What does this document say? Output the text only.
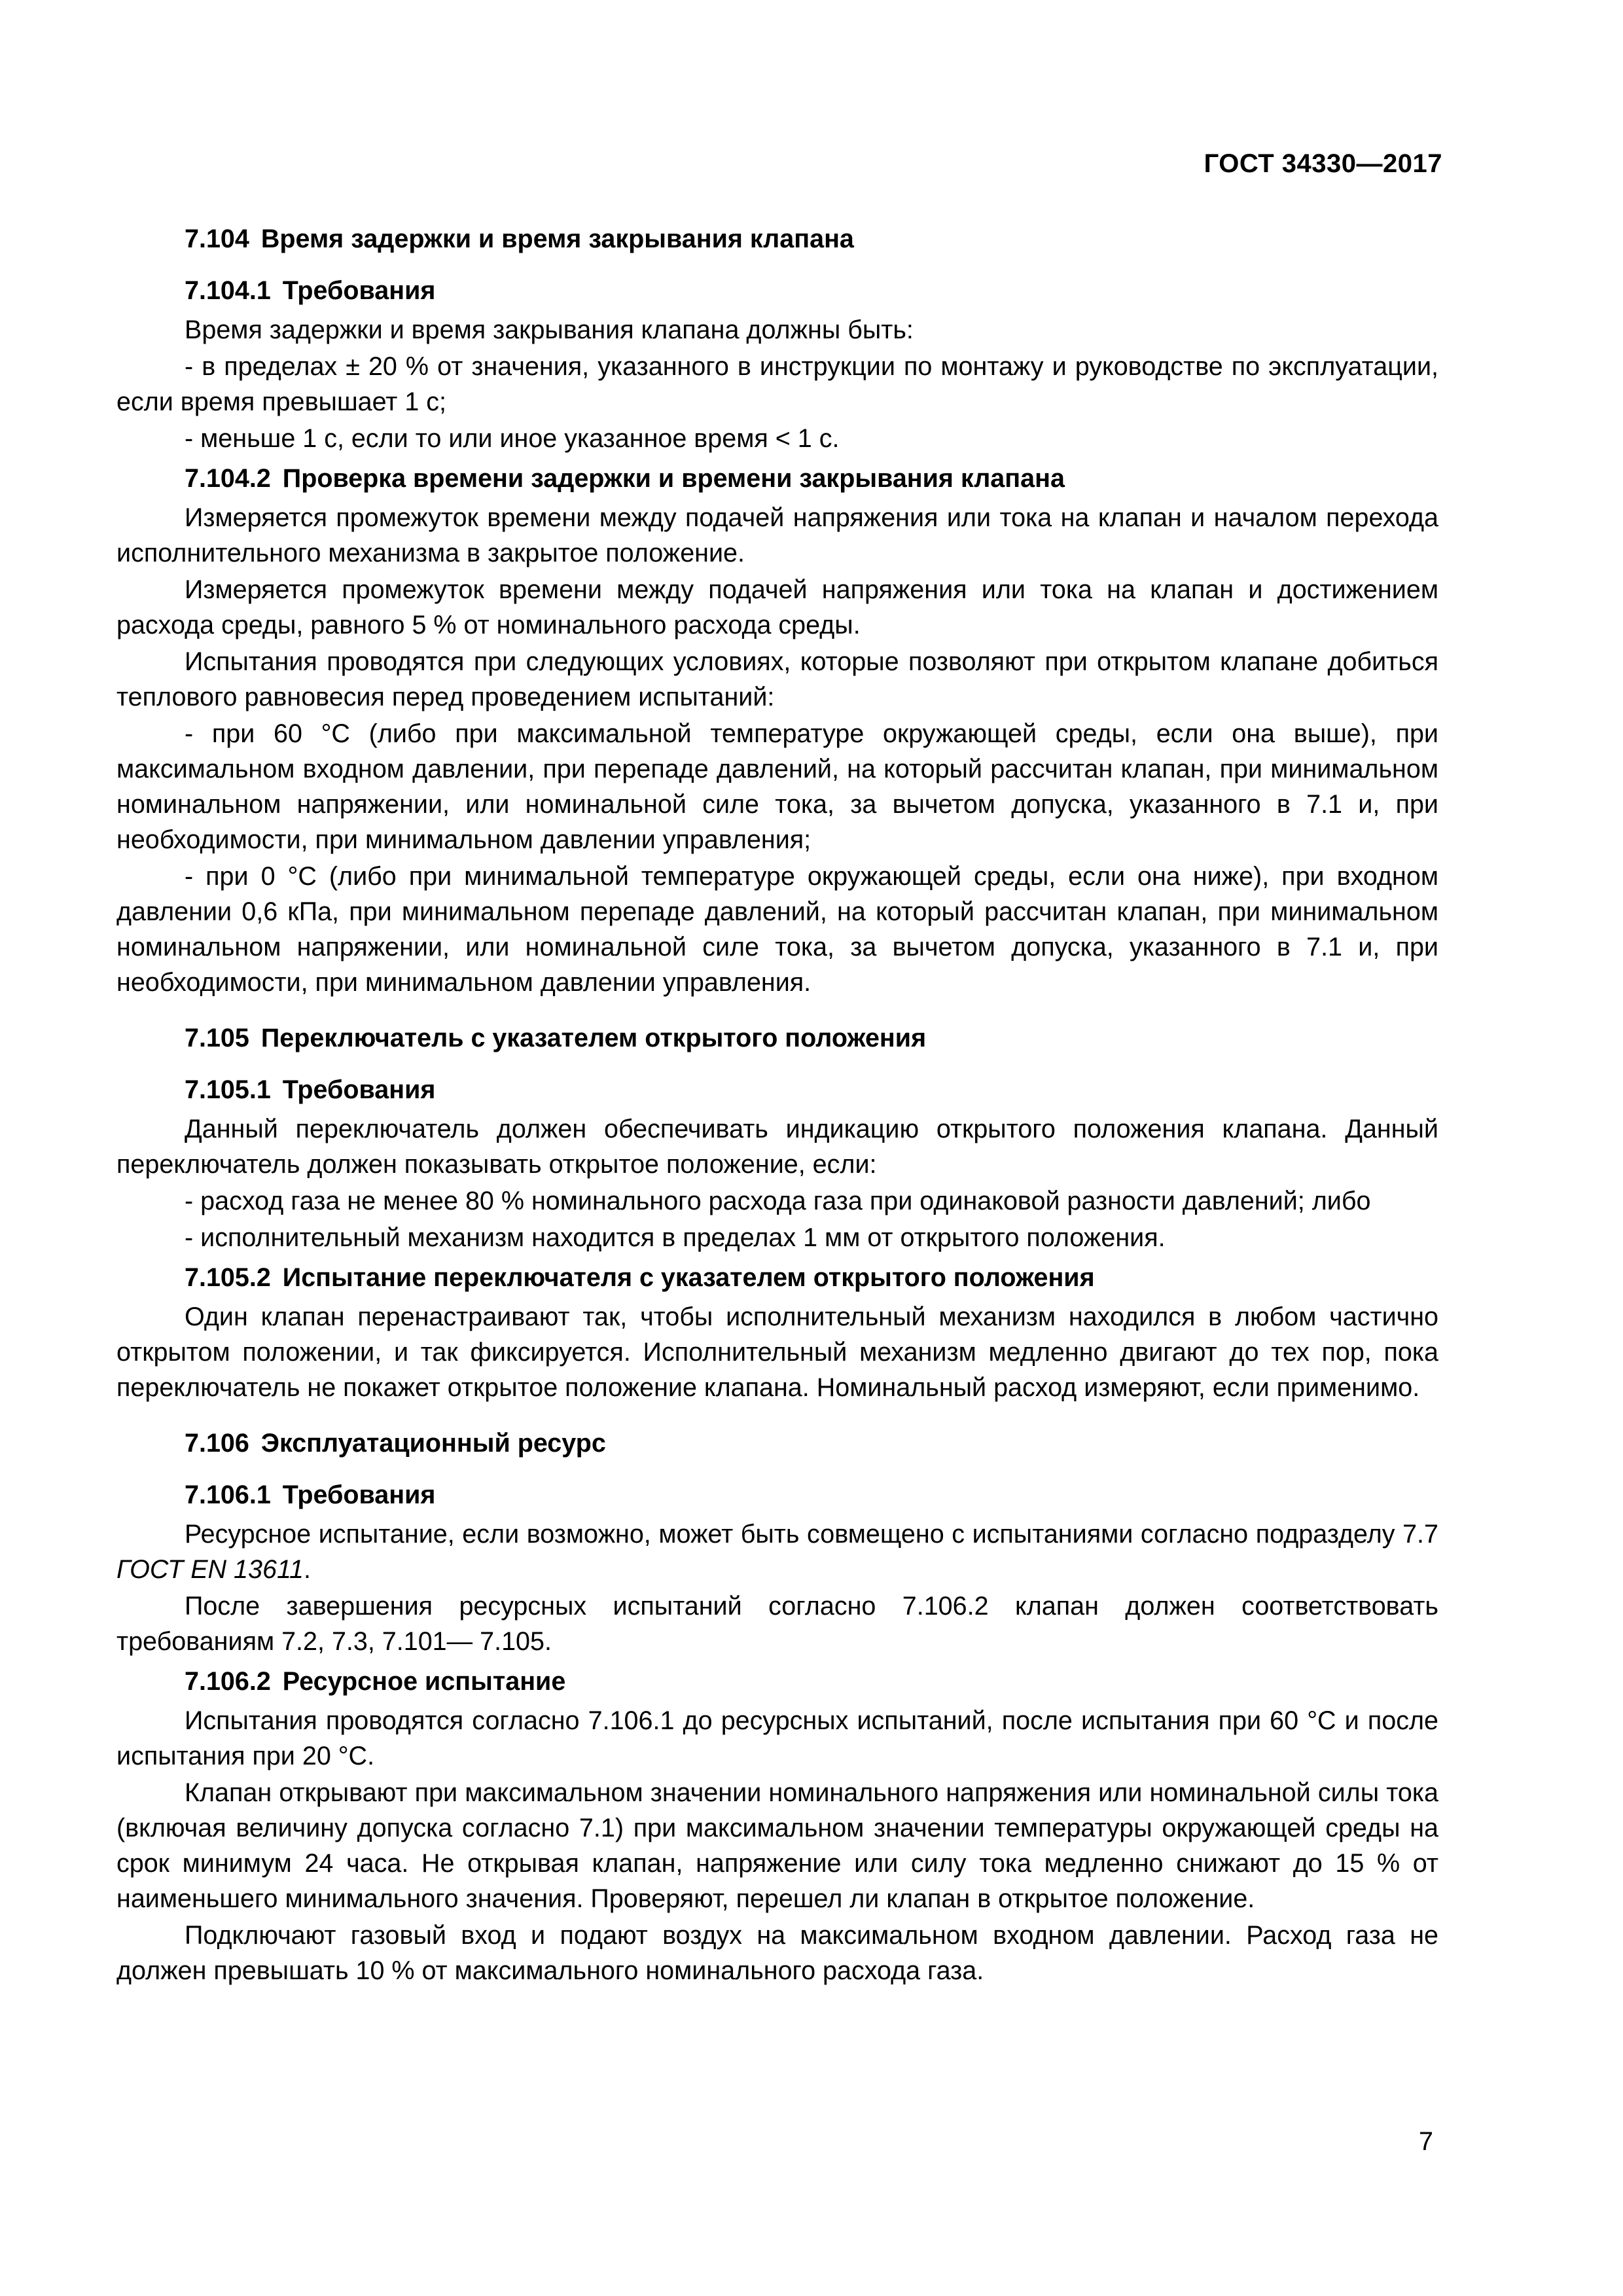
ГОСТ 34330—2017
7.104 Время задержки и время закрывания клапана
7.104.1 Требования

Время задержки и время закрывания клапана должны быть:

- в пределах ± 20 % от значения, указанного в инструкции по монтажу и руководстве по эксплуатации, если время превышает 1 с;

- меньше 1 с, если то или иное указанное время < 1 с.

7.104.2 Проверка времени задержки и времени закрывания клапана

Измеряется промежуток времени между подачей напряжения или тока на клапан и началом перехода исполнительного механизма в закрытое положение.

Измеряется промежуток времени между подачей напряжения или тока на клапан и достижением расхода среды, равного 5 % от номинального расхода среды.

Испытания проводятся при следующих условиях, которые позволяют при открытом клапане добиться теплового равновесия перед проведением испытаний:

- при 60 °С (либо при максимальной температуре окружающей среды, если она выше), при максимальном входном давлении, при перепаде давлений, на который рассчитан клапан, при минимальном номинальном напряжении, или номинальной силе тока, за вычетом допуска, указанного в 7.1 и, при необходимости, при минимальном давлении управления;

- при 0 °С (либо при минимальной температуре окружающей среды, если она ниже), при входном давлении 0,6 кПа, при минимальном перепаде давлений, на который рассчитан клапан, при минимальном номинальном напряжении, или номинальной силе тока, за вычетом допуска, указанного в 7.1 и, при необходимости, при минимальном давлении управления.

7.105 Переключатель с указателем открытого положения
7.105.1 Требования

Данный переключатель должен обеспечивать индикацию открытого положения клапана. Данный переключатель должен показывать открытое положение, если:

- расход газа не менее 80 % номинального расхода газа при одинаковой разности давлений; либо

- исполнительный механизм находится в пределах 1 мм от открытого положения.

7.105.2 Испытание переключателя с указателем открытого положения

Один клапан перенастраивают так, чтобы исполнительный механизм находился в любом частично открытом положении, и так фиксируется. Исполнительный механизм медленно двигают до тех пор, пока переключатель не покажет открытое положение клапана. Номинальный расход измеряют, если применимо.

7.106 Эксплуатационный ресурс
7.106.1 Требования

Ресурсное испытание, если возможно, может быть совмещено с испытаниями согласно подразделу 7.7 ГОСТ EN 13611.

После завершения ресурсных испытаний согласно 7.106.2 клапан должен соответствовать требованиям 7.2, 7.3, 7.101— 7.105.

7.106.2 Ресурсное испытание

Испытания проводятся согласно 7.106.1 до ресурсных испытаний, после испытания при 60 °С и после испытания при 20 °С.

Клапан открывают при максимальном значении номинального напряжения или номинальной силы тока (включая величину допуска согласно 7.1) при максимальном значении температуры окружающей среды на срок минимум 24 часа. Не открывая клапан, напряжение или силу тока медленно снижают до 15 % от наименьшего минимального значения. Проверяют, перешел ли клапан в открытое положение.

Подключают газовый вход и подают воздух на максимальном входном давлении. Расход газа не должен превышать 10 % от максимального номинального расхода газа.

7
